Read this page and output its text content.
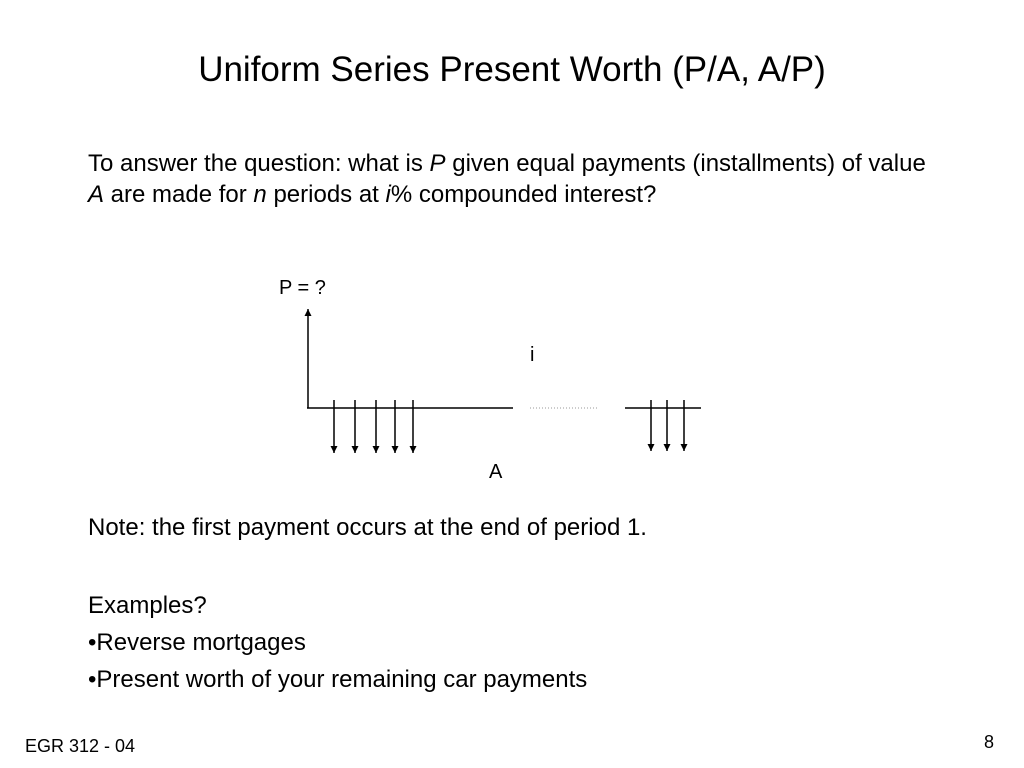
Uniform Series Present Worth (P/A, A/P)
To answer the question: what is P given equal payments (installments) of value A are made for n periods at i% compounded interest?
P = ?
i
A
Note: the first payment occurs at the end of period 1.
Examples?
•Reverse mortgages
•Present worth of your remaining car payments
EGR 312 - 04	8
